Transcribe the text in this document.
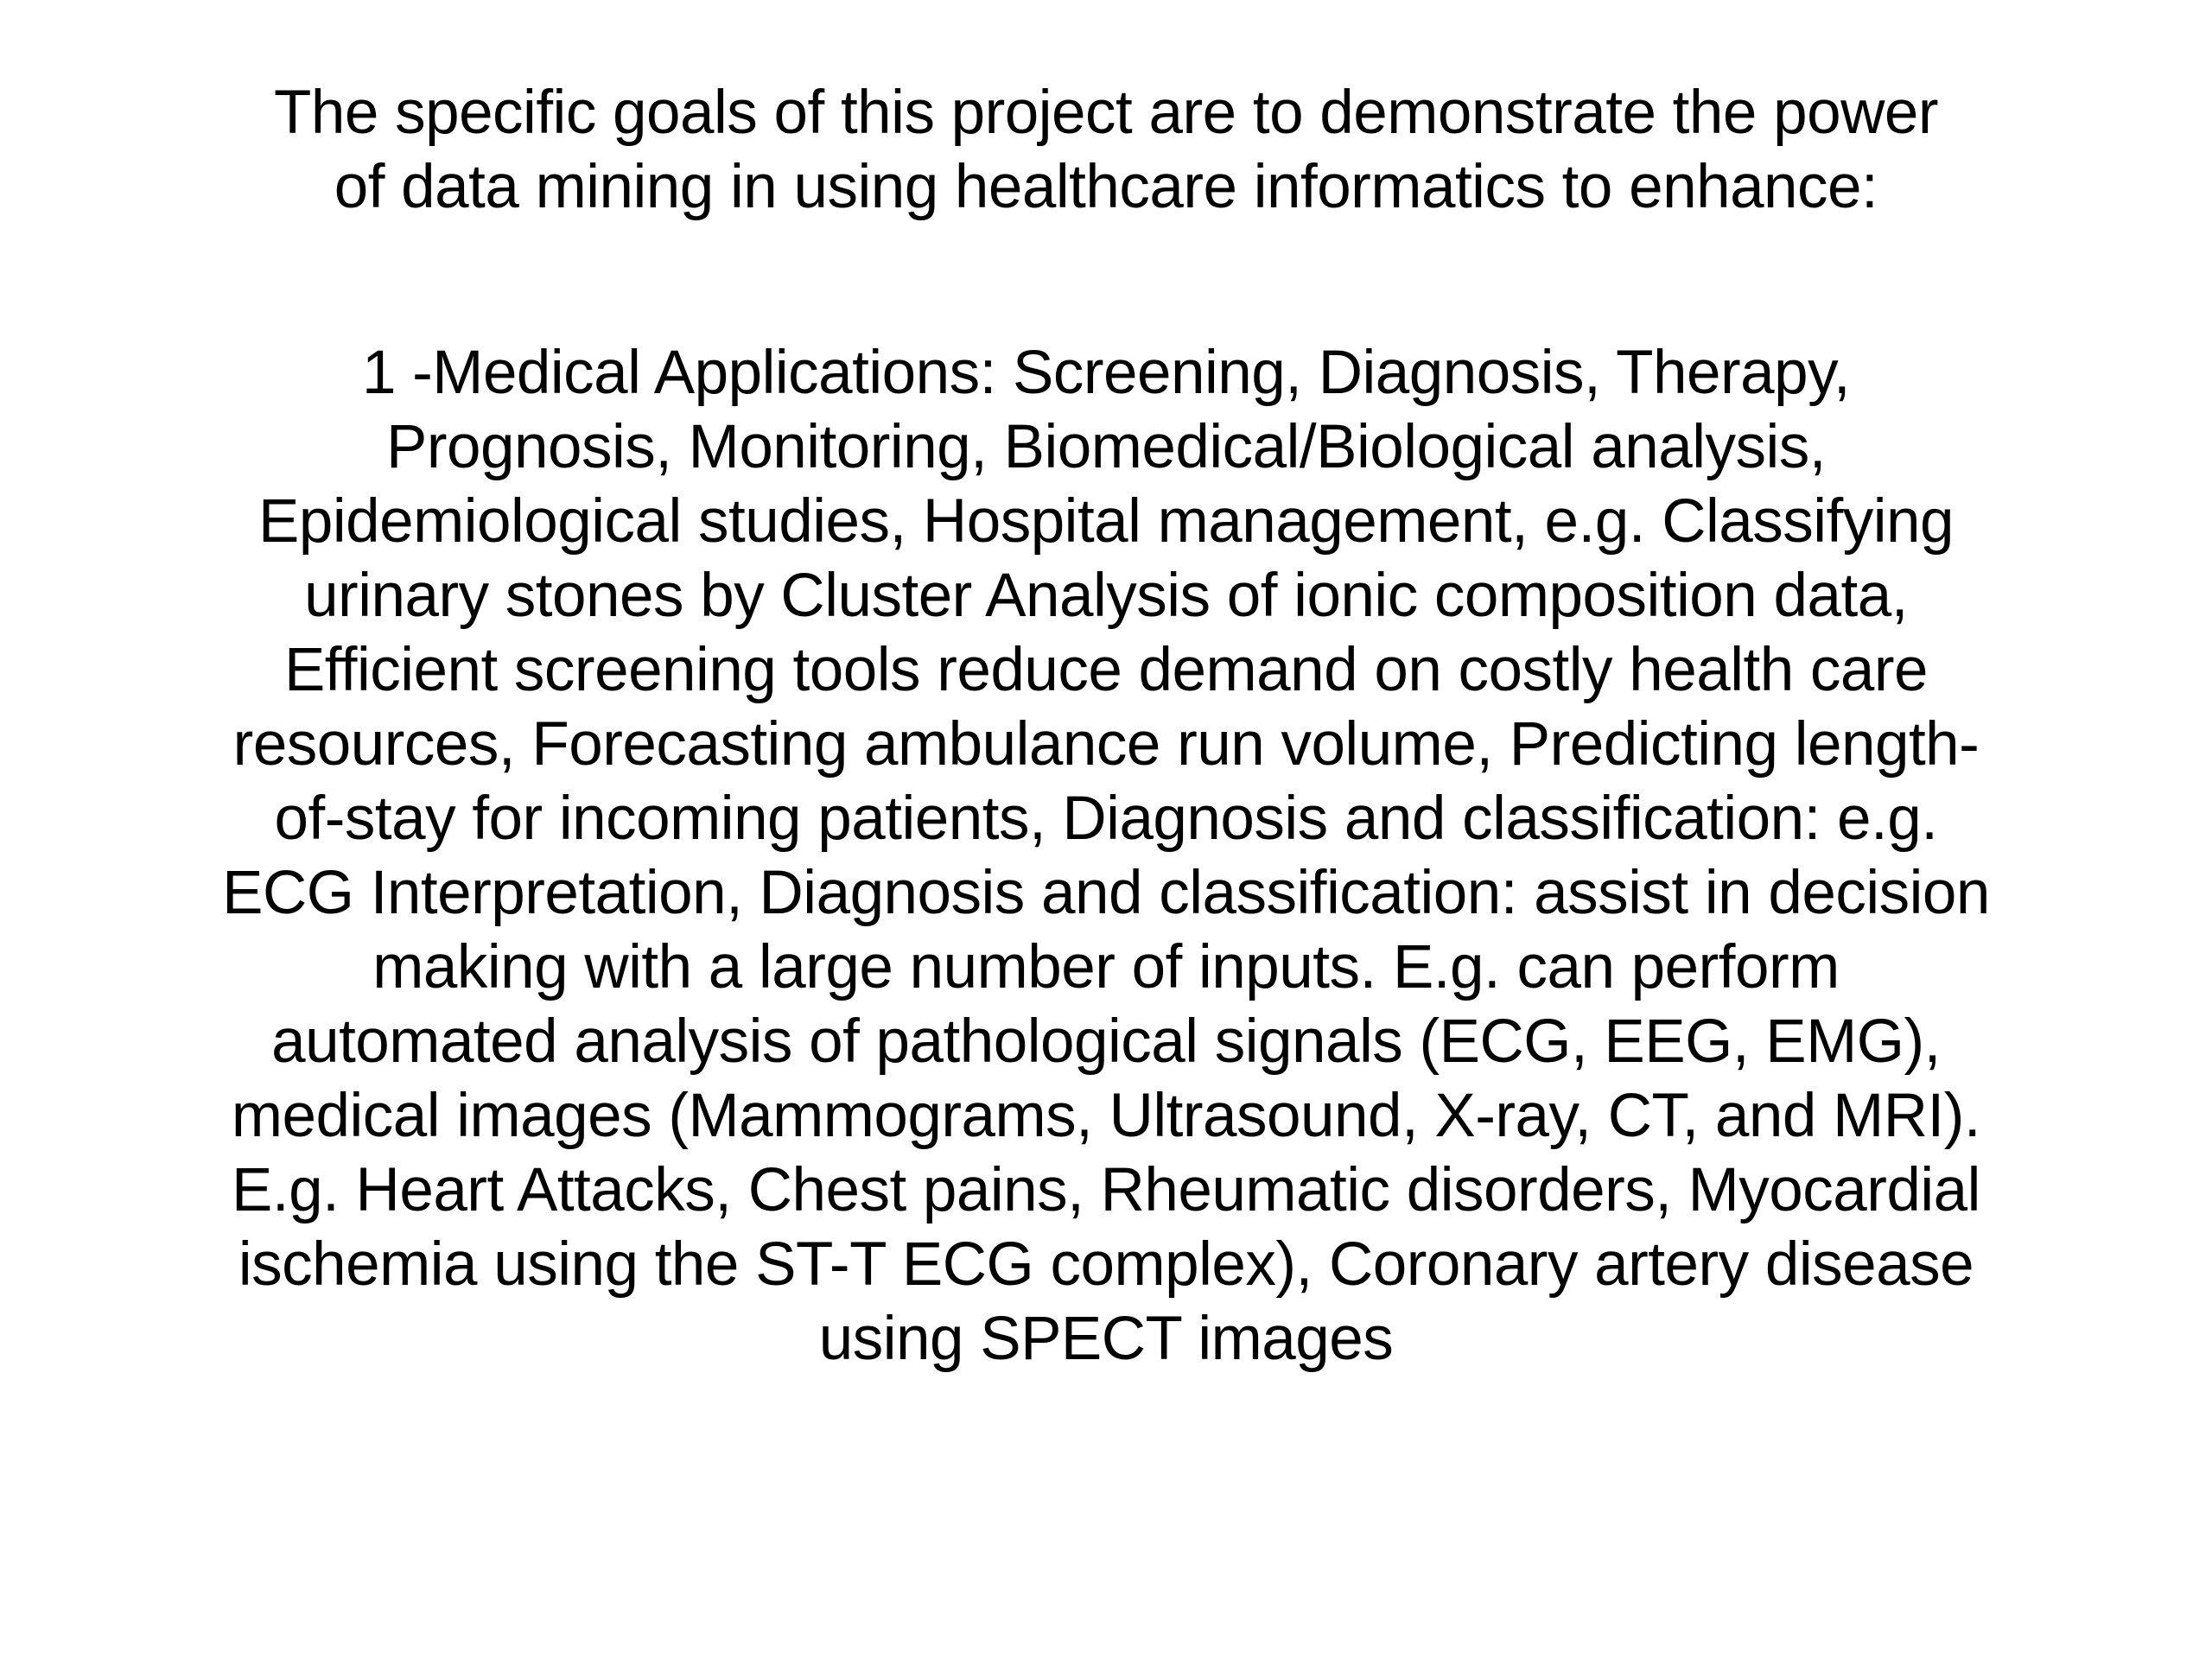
The specific goals of this project are to demonstrate the power
of data mining in using healthcare informatics to enhance:
1 -Medical Applications: Screening, Diagnosis, Therapy,
Prognosis, Monitoring, Biomedical/Biological analysis,
Epidemiological studies, Hospital management, e.g. Classifying
urinary stones by Cluster Analysis of ionic composition data,
Efficient screening tools reduce demand on costly health care
resources, Forecasting ambulance run volume, Predicting length-
of-stay for incoming patients, Diagnosis and classification: e.g.
ECG Interpretation, Diagnosis and classification: assist in decision
making with a large number of inputs. E.g. can perform
automated analysis of pathological signals (ECG, EEG, EMG),
medical images (Mammograms, Ultrasound, X-ray, CT, and MRI).
E.g. Heart Attacks, Chest pains, Rheumatic disorders, Myocardial
ischemia using the ST-T ECG complex), Coronary artery disease
using SPECT images
